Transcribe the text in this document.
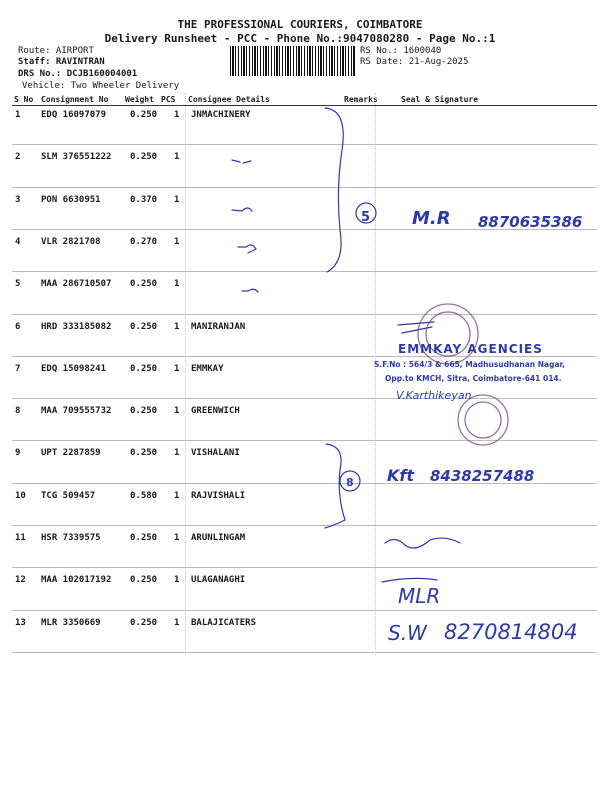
THE PROFESSIONAL COURIERS, COIMBATORE
Delivery Runsheet - PCC - Phone No.:9047080280 - Page No.:1
Route: AIRPORT
Staff: RAVINTRAN
DRS No.: DCJB160004001
Vehicle: Two Wheeler Delivery
RS No.: 1600040
RS Date: 21-Aug-2025
S No Consignment No Weight PCS Consignee Details	Remarks	Seal & Signature
1 EDQ 16097079	0.250 1 JNMACHINERY
2 SLM 376551222 0.250 1
3 PON 6630951	0.370 1
4 VLR 2821708	0.270 1
5 MAA 286710507 0.250 1
6 HRD 333185082 0.250 1 MANIRANJAN
7 EDQ 15098241	0.250 1 EMMKAY
8 MAA 709555732 0.250 1 GREENWICH
9 UPT 2287859	0.250 1 VISHALANI
10 TCG 509457	0.580 1 RAJVISHALI
11 HSR 7339575	0.250 1 ARUNLINGAM
12 MAA 102017192 0.250 1 ULAGANAGHI
13 MLR 3350669	0.250 1 BALAJICATERS
5 M.R 8870635386
EMMKAY AGENCIES
S.F.No : 564/3 & 665, Madhusudhanan Nagar,
Opp.to KMCH, Sitra, Coimbatore-641 014.
V.Karthikeyan
8 Kft 8438257488
MLR
S.W 8270814804
